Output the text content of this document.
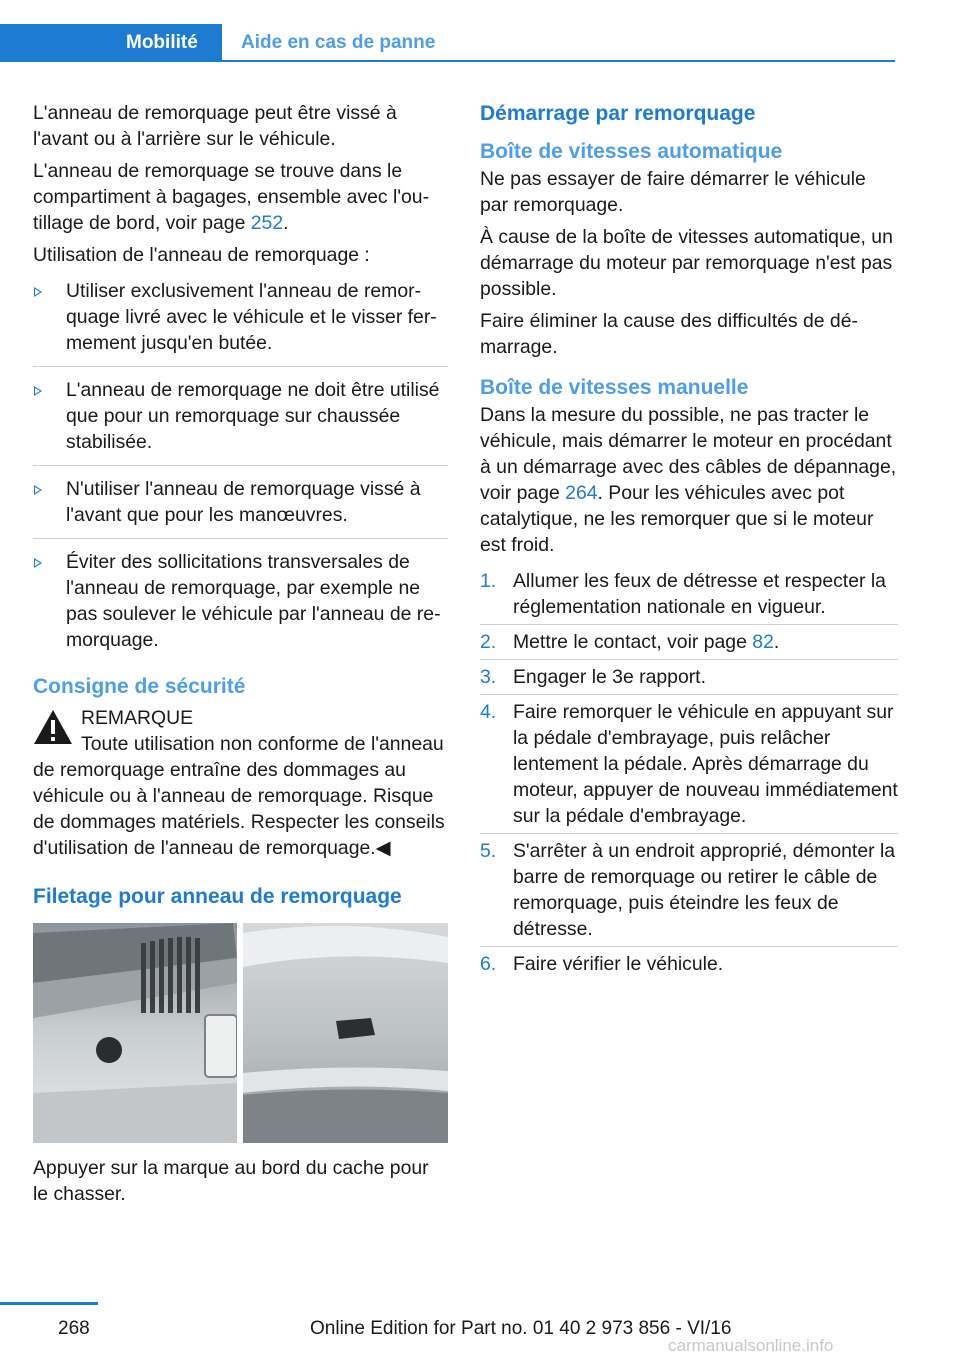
Mobilité	Aide en cas de panne

L'anneau de remorquage peut être vissé à l'avant ou à l'arrière sur le véhicule.

L'anneau de remorquage se trouve dans le compartiment à bagages, ensemble avec l'outillage de bord, voir page 252.

Utilisation de l'anneau de remorquage :

Utiliser exclusivement l'anneau de remorquage livré avec le véhicule et le visser fermement jusqu'en butée.
L'anneau de remorquage ne doit être utilisé que pour un remorquage sur chaussée stabilisée.
N'utiliser l'anneau de remorquage vissé à l'avant que pour les manœuvres.
Éviter des sollicitations transversales de l'anneau de remorquage, par exemple ne pas soulever le véhicule par l'anneau de remorquage.
Consigne de sécurité
REMARQUE
Toute utilisation non conforme de l'anneau de remorquage entraîne des dommages au véhicule ou à l'anneau de remorquage. Risque de dommages matériels. Respecter les conseils d'utilisation de l'anneau de remorquage.◀
Filetage pour anneau de remorquage

Appuyer sur la marque au bord du cache pour le chasser.

Démarrage par remorquage
Boîte de vitesses automatique

Ne pas essayer de faire démarrer le véhicule par remorquage.

À cause de la boîte de vitesses automatique, un démarrage du moteur par remorquage n'est pas possible.

Faire éliminer la cause des difficultés de démarrage.

Boîte de vitesses manuelle

Dans la mesure du possible, ne pas tracter le véhicule, mais démarrer le moteur en procédant à un démarrage avec des câbles de dépannage, voir page 264. Pour les véhicules avec pot catalytique, ne les remorquer que si le moteur est froid.

1. Allumer les feux de détresse et respecter la réglementation nationale en vigueur.
2. Mettre le contact, voir page 82.
3. Engager le 3e rapport.
4. Faire remorquer le véhicule en appuyant sur la pédale d'embrayage, puis relâcher lentement la pédale. Après démarrage du moteur, appuyer de nouveau immédiatement sur la pédale d'embrayage.
5. S'arrêter à un endroit approprié, démonter la barre de remorquage ou retirer le câble de remorquage, puis éteindre les feux de détresse.
6. Faire vérifier le véhicule.
268	Online Edition for Part no. 01 40 2 973 856 - VI/16
carmanualsonline.info
